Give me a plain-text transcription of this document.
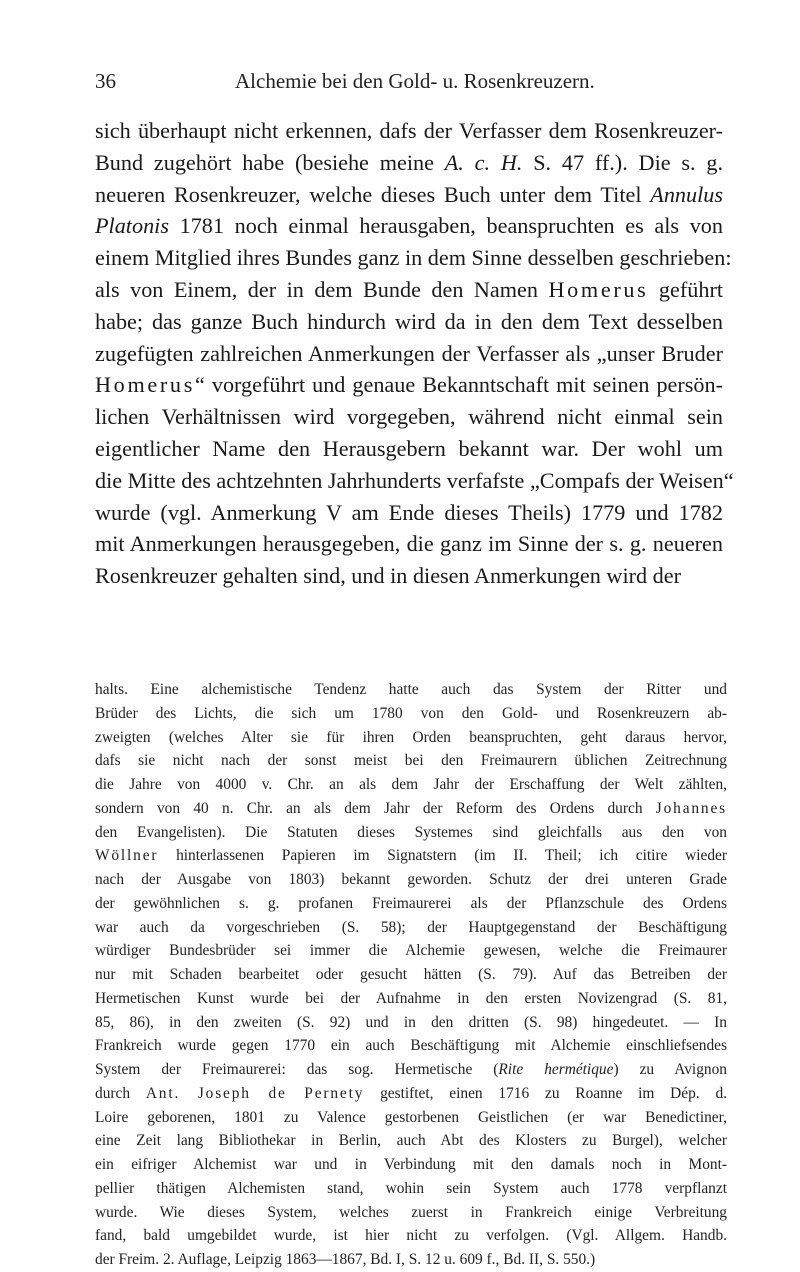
36	Alchemie bei den Gold- u. Rosenkreuzern.

sich überhaupt nicht erkennen, dafs der Verfasser dem Rosenkreuzer-
Bund zugehört habe (besiehe meine A. c. H. S. 47 ff.). Die s. g.
neueren Rosenkreuzer, welche dieses Buch unter dem Titel Annulus
Platonis 1781 noch einmal herausgaben, beanspruchten es als von
einem Mitglied ihres Bundes ganz in dem Sinne desselben geschrieben:
als von Einem, der in dem Bunde den Namen Homerus geführt
habe; das ganze Buch hindurch wird da in den dem Text desselben
zugefügten zahlreichen Anmerkungen der Verfasser als „unser Bruder
Homerus“ vorgeführt und genaue Bekanntschaft mit seinen persön-
lichen Verhältnissen wird vorgegeben, während nicht einmal sein
eigentlicher Name den Herausgebern bekannt war. Der wohl um
die Mitte des achtzehnten Jahrhunderts verfafste „Compafs der Weisen“
wurde (vgl. Anmerkung V am Ende dieses Theils) 1779 und 1782
mit Anmerkungen herausgegeben, die ganz im Sinne der s. g. neueren
Rosenkreuzer gehalten sind, und in diesen Anmerkungen wird der

halts. Eine alchemistische Tendenz hatte auch das System der Ritter und
Brüder des Lichts, die sich um 1780 von den Gold- und Rosenkreuzern ab-
zweigten (welches Alter sie für ihren Orden beanspruchten, geht daraus hervor,
dafs sie nicht nach der sonst meist bei den Freimaurern üblichen Zeitrechnung
die Jahre von 4000 v. Chr. an als dem Jahr der Erschaffung der Welt zählten,
sondern von 40 n. Chr. an als dem Jahr der Reform des Ordens durch Johannes
den Evangelisten). Die Statuten dieses Systemes sind gleichfalls aus den von
Wöllner hinterlassenen Papieren im Signatstern (im II. Theil; ich citire wieder
nach der Ausgabe von 1803) bekannt geworden. Schutz der drei unteren Grade
der gewöhnlichen s. g. profanen Freimaurerei als der Pflanzschule des Ordens
war auch da vorgeschrieben (S. 58); der Hauptgegenstand der Beschäftigung
würdiger Bundesbrüder sei immer die Alchemie gewesen, welche die Freimaurer
nur mit Schaden bearbeitet oder gesucht hätten (S. 79). Auf das Betreiben der
Hermetischen Kunst wurde bei der Aufnahme in den ersten Novizengrad (S. 81,
85, 86), in den zweiten (S. 92) und in den dritten (S. 98) hingedeutet. — In
Frankreich wurde gegen 1770 ein auch Beschäftigung mit Alchemie einschliefsendes
System der Freimaurerei: das sog. Hermetische (Rite hermétique) zu Avignon
durch Ant. Joseph de Pernety gestiftet, einen 1716 zu Roanne im Dép. d.
Loire geborenen, 1801 zu Valence gestorbenen Geistlichen (er war Benedictiner,
eine Zeit lang Bibliothekar in Berlin, auch Abt des Klosters zu Burgel), welcher
ein eifriger Alchemist war und in Verbindung mit den damals noch in Mont-
pellier thätigen Alchemisten stand, wohin sein System auch 1778 verpflanzt
wurde. Wie dieses System, welches zuerst in Frankreich einige Verbreitung
fand, bald umgebildet wurde, ist hier nicht zu verfolgen. (Vgl. Allgem. Handb.
der Freim. 2. Auflage, Leipzig 1863—1867, Bd. I, S. 12 u. 609 f., Bd. II, S. 550.)
